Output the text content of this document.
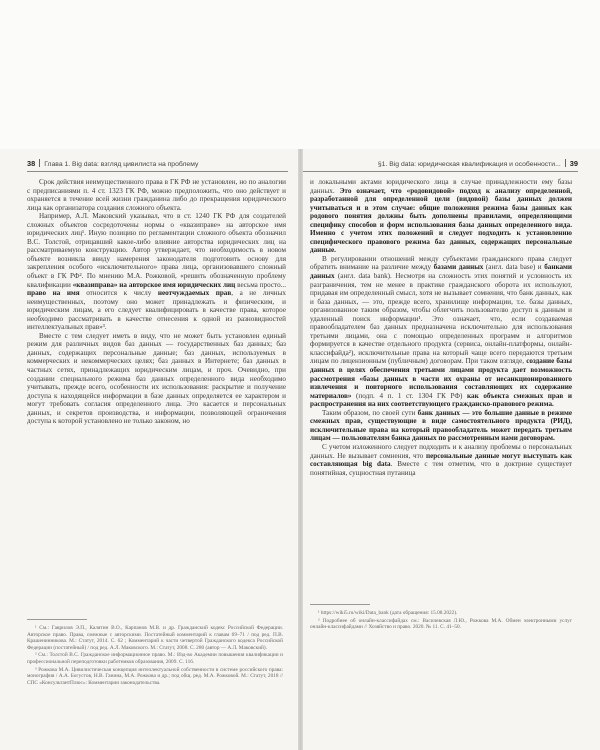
38 Глава 1. Big data: взгляд цивилиста на проблему

Срок действия неимущественного права в ГК РФ не установлен, но по аналогии с предписаниями п. 4 ст. 1323 ГК РФ, можно предположить, что оно действует и охраняется в течение всей жизни гражданина либо до прекращения юридического лица как организатора создания сложного объекта.

Например, А.Л. Маковский указывал, что в ст. 1240 ГК РФ для создателей сложных объектов сосредоточены нормы о «квазиправе» на авторское имя юридических лиц¹. Иную позицию по регламентации сложного объекта обозначил В.С. Толстой, отрицавший какое-либо влияние авторства юридических лиц на рассматриваемую конструкцию. Автор утверждает, что необходимость в новом объекте возникла ввиду намерения законодателя подготовить основу для закрепления особого «исключительного» права лица, организовавшего сложный объект в ГК РФ². По мнению М.А. Рожковой, «решить обозначенную проблему квалификации «квазиправа» на авторское имя юридических лиц весьма просто... право на имя относится к числу неотчуждаемых прав, а не личных неимущественных, поэтому оно может принадлежать и физическим, и юридическим лицам, а его следует квалифицировать в качестве права, которое необходимо рассматривать в качестве отнесения к одной из разновидностей интеллектуальных прав»³.

Вместе с тем следует иметь в виду, что не может быть установлен единый режим для различных видов баз данных — государственных баз данных; баз данных, содержащих персональные данные; баз данных, используемых в коммерческих и некоммерческих целях; баз данных в Интернете; баз данных в частных сетях, принадлежащих юридическим лицам, и проч. Очевидно, при создании специального режима баз данных определенного вида необходимо учитывать, прежде всего, особенности их использования: раскрытие и получение доступа к находящейся информации в базе данных определяется ее характером и могут требовать согласия определенного лица. Это касается и персональных данных, и секретов производства, и информации, позволяющей ограничения доступа к которой установлено не только законом, но

¹ См.: Гаврилов Э.П., Калятин В.О., Карпанов М.В. и др. Гражданский кодекс Российской Федерации. Авторское право. Права, смежные с авторскими. Постатейный комментарий к главам 69–71 / под ред. П.В. Крашенинникова. М.: Статут, 2014. С. 62 ; Комментарий к части четвертой Гражданского кодекса Российской Федерации (постатейный) / под ред. А.Л. Маковского. М.: Статут, 2008. С. 280 (автор — А.Л. Маковский).

² См.: Толстой В.С. Гражданское информационное право. М.: Изд-во Академии повышения квалификации и профессиональной переподготовки работников образования, 2009. С. 116.

³ Рожкова М.А. Цивилистическая концепция интеллектуальной собственности в системе российского права: монография / А.А. Богустов, Н.В. Ганина, М.А. Рожкова и др.; под общ. ред. М.А. Рожковой. М.: Статут, 2018 // СПС «КонсультантПлюс»: Комментарии законодательства.

§1. Big data: юридическая квалификация и особенности... 39

и локальными актами юридического лица в случае принадлежности ему базы данных. Это означает, что «родовидовой» подход к анализу определенной, разработанной для определенной цели (видовой) базы данных должен учитываться и в этом случае: общие положения режима базы данных как родового понятия должны быть дополнены правилами, определяющими специфику способов и форм использования базы данных определенного вида. Именно с учетом этих положений и следует подходить к установлению специфического правового режима баз данных, содержащих персональные данные.

В регулировании отношений между субъектами гражданского права следует обратить внимание на различие между базами данных (англ. data base) и банками данных (англ. data bank). Несмотря на сложность этих понятий и условность их разграничения, тем не менее в практике гражданского оборота их используют, придавая им определенный смысл, хотя не вызывает сомнения, что банк данных, как и база данных, — это, прежде всего, хранилище информации, т.е. базы данных, организованное таким образом, чтобы облегчить пользователю доступ к данным и удаленный поиск информации¹. Это означает, что, если создаваемая правообладателем баз данных предназначена исключительно для использования третьими лицами, она с помощью определенных программ и алгоритмов формируется в качестве отдельного продукта (сервиса, онлайн-платформы, онлайн-классифайда²), исключительные права на который чаще всего передаются третьим лицам по лицензионным (публичным) договорам. При таком взгляде, создание базы данных в целях обеспечения третьими лицами продукта дает возможность рассмотрения «базы данных в части их охраны от несанкционированного извлечения и повторного использования составляющих их содержание материалов» (подп. 4 п. 1 ст. 1304 ГК РФ) как объекта смежных прав и распространения на них соответствующего гражданско-правового режима.

Таким образом, по своей сути банк данных — это большие данные в режиме смежных прав, существующие в виде самостоятельного продукта (РИД), исключительные права на который правообладатель может передать третьим лицам — пользователям банка данных по рассмотренным нами договорам.

С учетом изложенного следует подходить и к анализу проблемы о персональных данных. Не вызывает сомнения, что персональные данные могут выступать как составляющая big data. Вместе с тем отметим, что в доктрине существует понятийная, сущностная путаница

¹ https://wiki5.ru/wiki/Data_bank (дата обращения: 15.08.2022).

² Подробнее об онлайн-классифайдах см.: Василевская Л.Ю., Рожкова М.А. Обмен электронными услуг онлайн-классифайдами // Хозяйство и право. 2020. № 11. С. 41–50.
